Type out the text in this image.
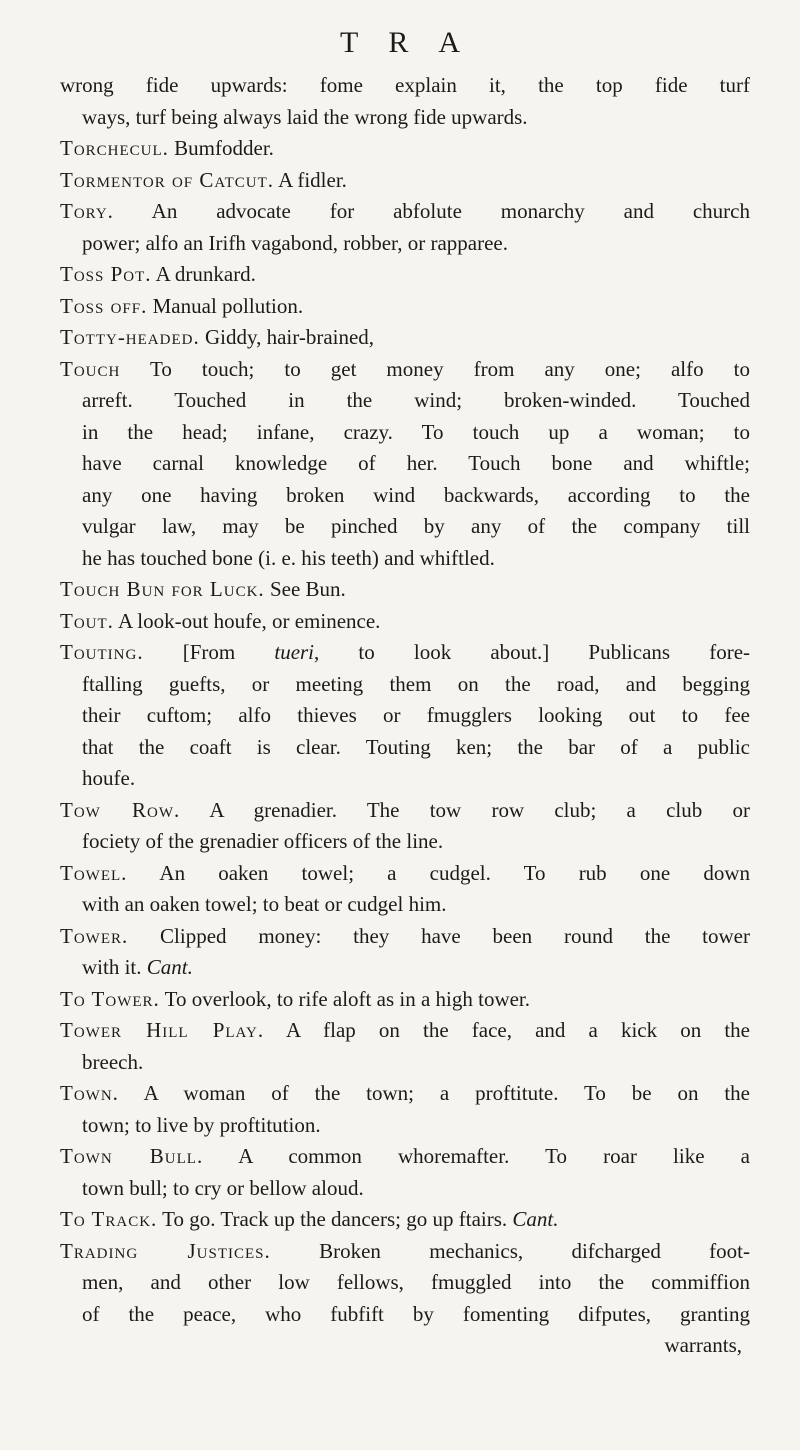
TRA
wrong fide upwards: fome explain it, the top fide turf
ways, turf being always laid the wrong fide upwards.
Torchecul. Bumfodder.
Tormentor of Catcut. A fidler.
Tory. An advocate for abfolute monarchy and church
power; alfo an Irifh vagabond, robber, or rapparee.
Toss Pot. A drunkard.
Toss off. Manual pollution.
Totty-headed. Giddy, hair-brained,
Touch To touch; to get money from any one; alfo to
arreft. Touched in the wind; broken-winded. Touched
in the head; infane, crazy. To touch up a woman; to
have carnal knowledge of her. Touch bone and whiftle;
any one having broken wind backwards, according to the
vulgar law, may be pinched by any of the company till
he has touched bone (i. e. his teeth) and whiftled.
Touch Bun for Luck. See Bun.
Tout. A look-out houfe, or eminence.
Touting. [From tueri, to look about.] Publicans fore-
ftalling guefts, or meeting them on the road, and begging
their cuftom; alfo thieves or fmugglers looking out to fee
that the coaft is clear. Touting ken; the bar of a public
houfe.
Tow Row. A grenadier. The tow row club; a club or
fociety of the grenadier officers of the line.
Towel. An oaken towel; a cudgel. To rub one down
with an oaken towel; to beat or cudgel him.
Tower. Clipped money: they have been round the tower
with it. Cant.
To Tower. To overlook, to rife aloft as in a high tower.
Tower Hill Play. A flap on the face, and a kick on the
breech.
Town. A woman of the town; a proftitute. To be on the
town; to live by proftitution.
Town Bull. A common whoremafter. To roar like a
town bull; to cry or bellow aloud.
To Track. To go. Track up the dancers; go up ftairs. Cant.
Trading Justices. Broken mechanics, difcharged foot-
men, and other low fellows, fmuggled into the commiffion
of the peace, who fubfift by fomenting difputes, granting
warrants,
